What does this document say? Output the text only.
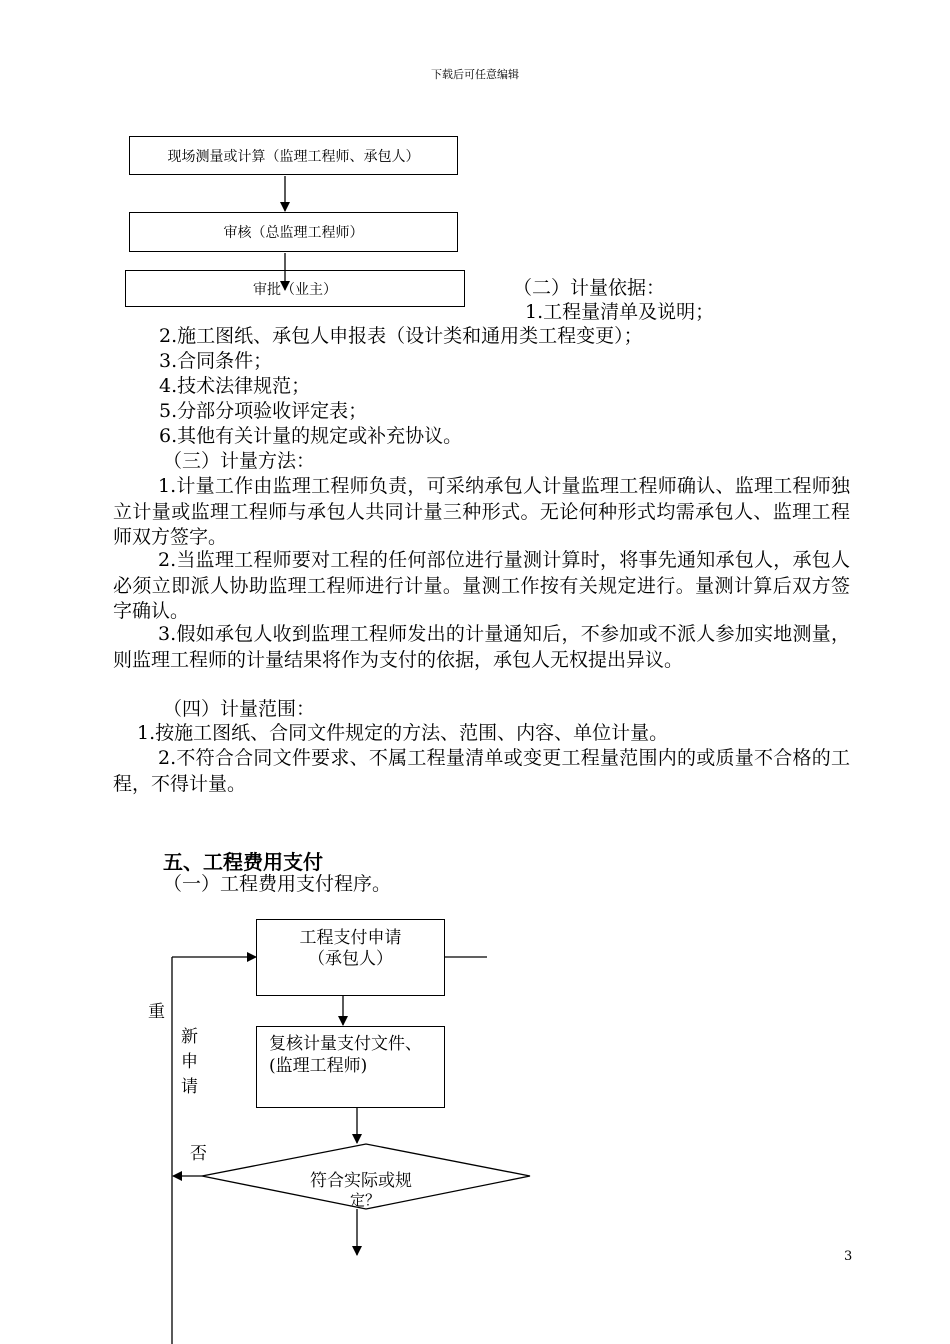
下载后可任意编辑
现场测量或计算（监理工程师、承包人）
审核（总监理工程师）
审批（业主）	（二）计量依据：
1.工程量清单及说明；
2.施工图纸、承包人申报表（设计类和通用类工程变更）；
3.合同条件；
4.技术法律规范；
5.分部分项验收评定表；
6.其他有关计量的规定或补充协议。
（三）计量方法：
1.计量工作由监理工程师负责，可采纳承包人计量监理工程师确认、监理工程师独立计量或监理工程师与承包人共同计量三种形式。无论何种形式均需承包人、监理工程师双方签字。
2.当监理工程师要对工程的任何部位进行量测计算时，将事先通知承包人，承包人必须立即派人协助监理工程师进行计量。量测工作按有关规定进行。量测计算后双方签字确认。
3.假如承包人收到监理工程师发出的计量通知后，不参加或不派人参加实地测量，则监理工程师的计量结果将作为支付的依据，承包人无权提出异议。
（四）计量范围：
1.按施工图纸、合同文件规定的方法、范围、内容、单位计量。
2.不符合合同文件要求、不属工程量清单或变更工程量范围内的或质量不合格的工程，不得计量。
五、工程费用支付
（一）工程费用支付程序。
工程支付申请
（承包人）
复核计量支付文件、
(监理工程师)
符合实际或规
定？
重
新
申
请
否
3
